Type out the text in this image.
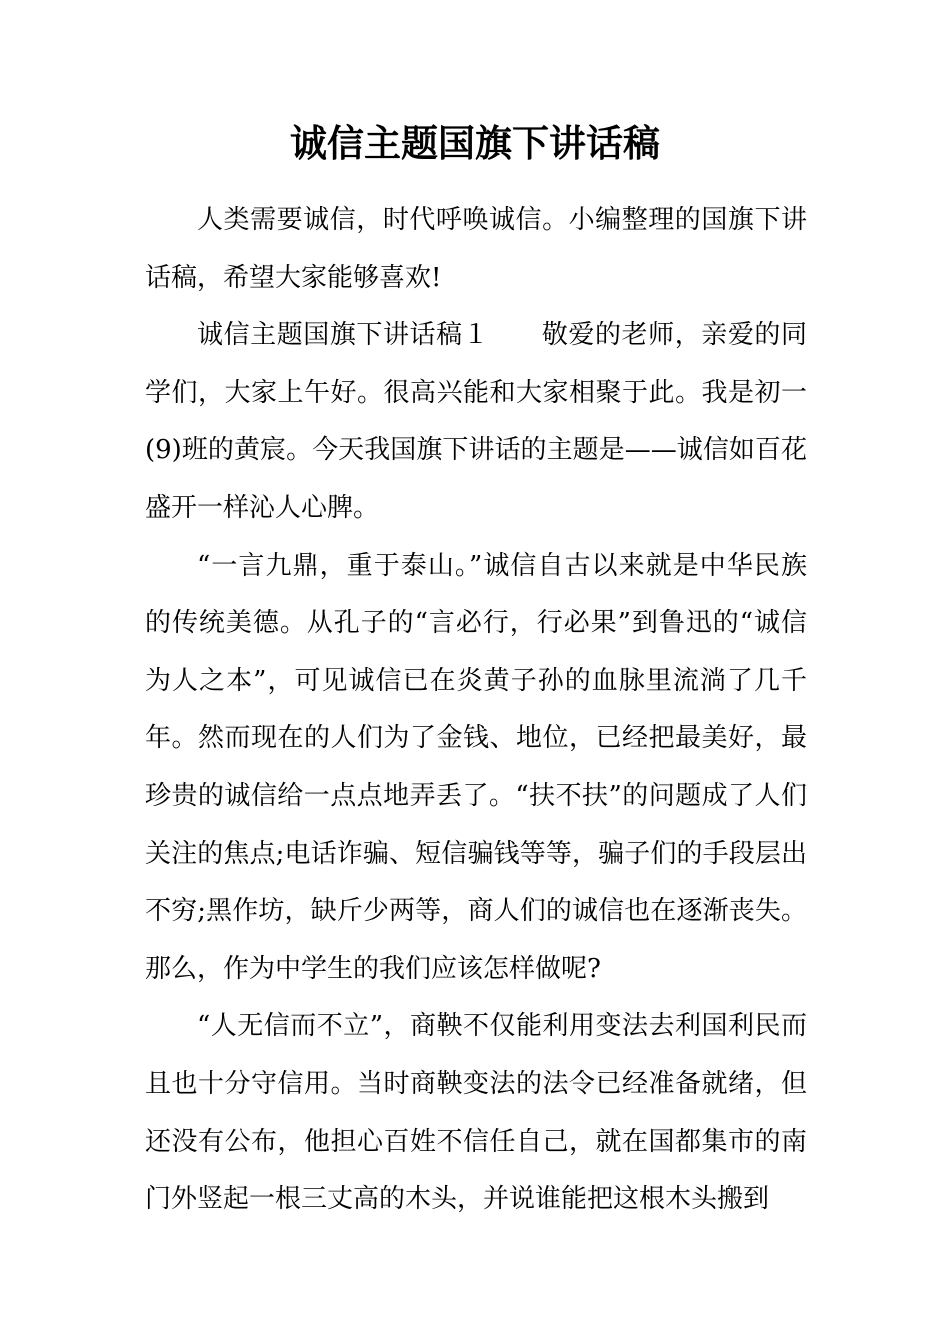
诚信主题国旗下讲话稿

人类需要诚信，时代呼唤诚信。小编整理的国旗下讲话稿，希望大家能够喜欢!

诚信主题国旗下讲话稿１ 敬爱的老师，亲爱的同学们，大家上午好。很高兴能和大家相聚于此。我是初一(9)班的黄宸。今天我国旗下讲话的主题是——诚信如百花盛开一样沁人心脾。

“一言九鼎，重于泰山。”诚信自古以来就是中华民族的传统美德。从孔子的“言必行，行必果”到鲁迅的“诚信为人之本”，可见诚信已在炎黄子孙的血脉里流淌了几千年。然而现在的人们为了金钱、地位，已经把最美好，最珍贵的诚信给一点点地弄丢了。“扶不扶”的问题成了人们关注的焦点;电话诈骗、短信骗钱等等，骗子们的手段层出不穷;黑作坊，缺斤少两等，商人们的诚信也在逐渐丧失。那么，作为中学生的我们应该怎样做呢?

“人无信而不立”，商鞅不仅能利用变法去利国利民而且也十分守信用。当时商鞅变法的法令已经准备就绪，但还没有公布，他担心百姓不信任自己，就在国都集市的南门外竖起一根三丈高的木头，并说谁能把这根木头搬到
